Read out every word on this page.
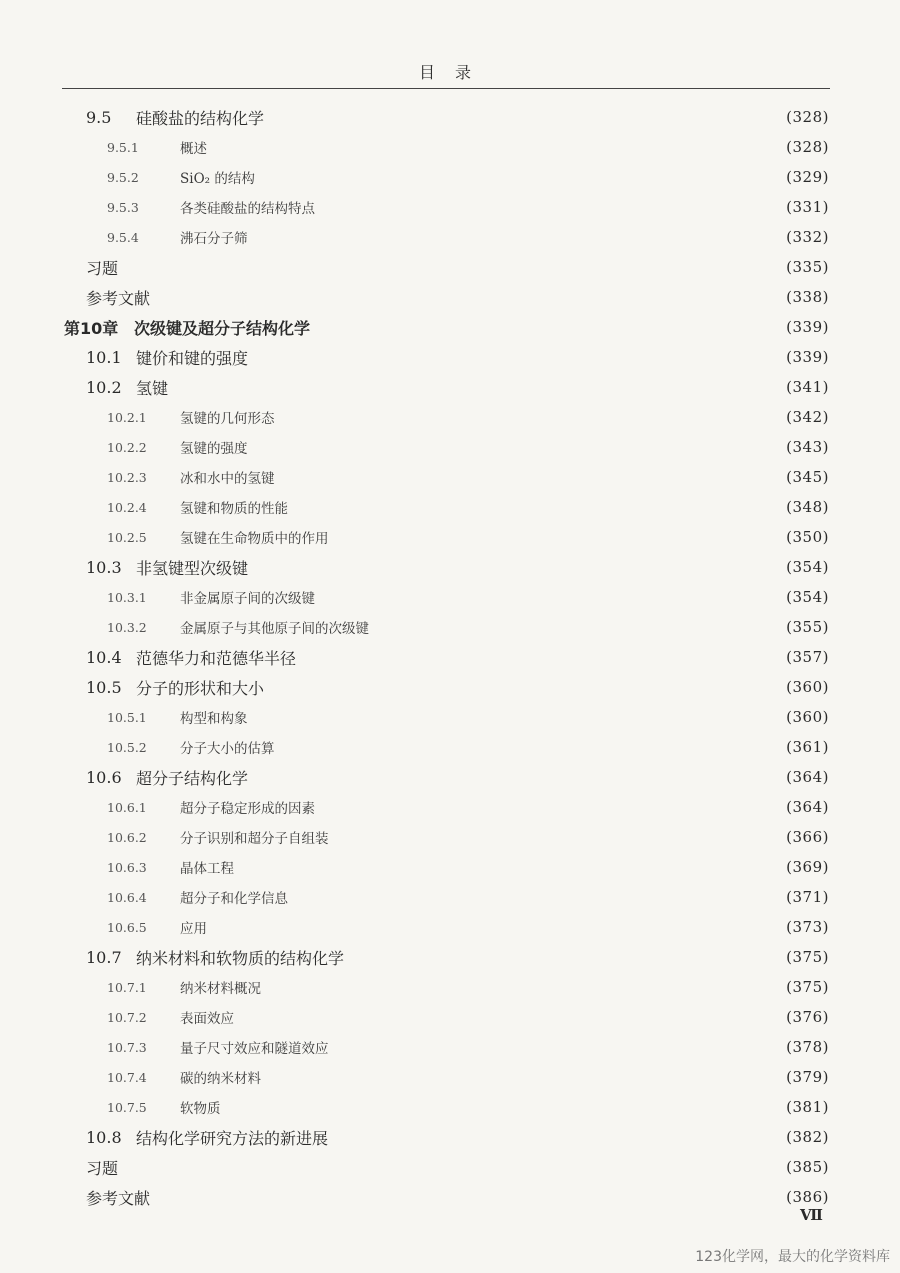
目　录
9.5	硅酸盐的结构化学	(328)
9.5.1	概述	(328)
9.5.2	SiO₂ 的结构	(329)
9.5.3	各类硅酸盐的结构特点	(331)
9.5.4	沸石分子筛	(332)
习题	(335)
参考文献	(338)
第10章 次级键及超分子结构化学	(339)
10.1 键价和键的强度	(339)
10.2 氢键	(341)
10.2.1	氢键的几何形态	(342)
10.2.2	氢键的强度	(343)
10.2.3	冰和水中的氢键	(345)
10.2.4	氢键和物质的性能	(348)
10.2.5	氢键在生命物质中的作用	(350)
10.3 非氢键型次级键	(354)
10.3.1	非金属原子间的次级键	(354)
10.3.2	金属原子与其他原子间的次级键	(355)
10.4 范德华力和范德华半径	(357)
10.5 分子的形状和大小	(360)
10.5.1	构型和构象	(360)
10.5.2	分子大小的估算	(361)
10.6 超分子结构化学	(364)
10.6.1	超分子稳定形成的因素	(364)
10.6.2	分子识别和超分子自组装	(366)
10.6.3	晶体工程	(369)
10.6.4	超分子和化学信息	(371)
10.6.5	应用	(373)
10.7 纳米材料和软物质的结构化学	(375)
10.7.1	纳米材料概况	(375)
10.7.2	表面效应	(376)
10.7.3	量子尺寸效应和隧道效应	(378)
10.7.4	碳的纳米材料	(379)
10.7.5	软物质	(381)
10.8 结构化学研究方法的新进展	(382)
习题	(385)
参考文献	(386)
Ⅶ
123化学网，最大的化学资料库
